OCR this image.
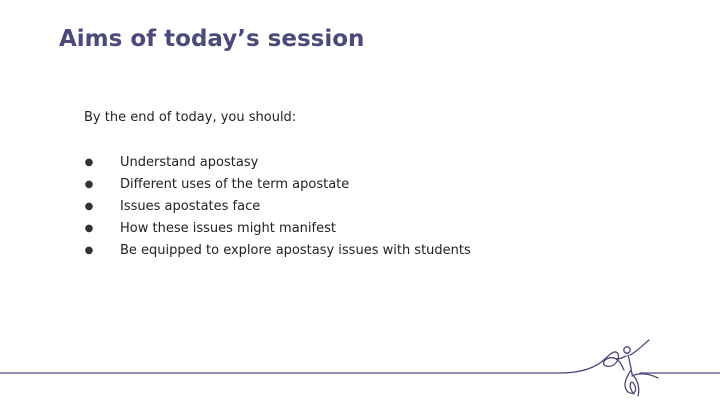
Aims of today’s session
By the end of today, you should:
● Understand apostasy
● Different uses of the term apostate
● Issues apostates face
● How these issues might manifest
● Be equipped to explore apostasy issues with students
